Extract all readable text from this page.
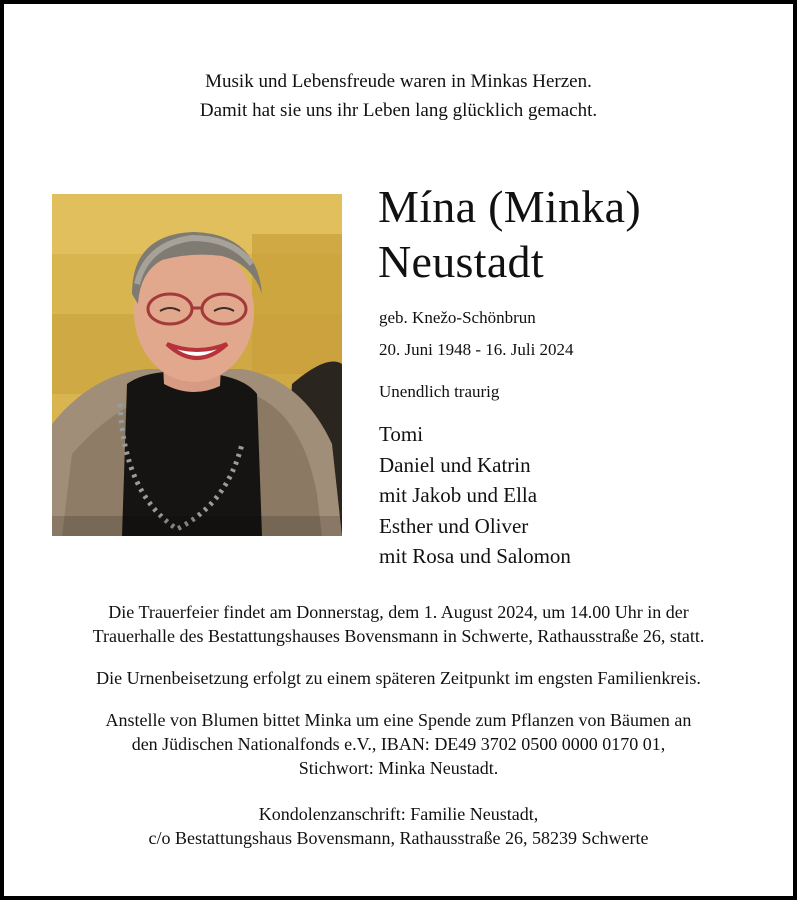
Musik und Lebensfreude waren in Minkas Herzen.
Damit hat sie uns ihr Leben lang glücklich gemacht.
Mína (Minka)
Neustadt
geb. Knežo-Schönbrun
20. Juni 1948 - 16. Juli 2024
Unendlich traurig
Tomi
Daniel und Katrin
mit Jakob und Ella
Esther und Oliver
mit Rosa und Salomon
Die Trauerfeier findet am Donnerstag, dem 1. August 2024, um 14.00 Uhr in der
Trauerhalle des Bestattungshauses Bovensmann in Schwerte, Rathausstraße 26, statt.
Die Urnenbeisetzung erfolgt zu einem späteren Zeitpunkt im engsten Familienkreis.
Anstelle von Blumen bittet Minka um eine Spende zum Pflanzen von Bäumen an
den Jüdischen Nationalfonds e.V., IBAN: DE49 3702 0500 0000 0170 01,
Stichwort: Minka Neustadt.
Kondolenzanschrift: Familie Neustadt,
c/o Bestattungshaus Bovensmann, Rathausstraße 26, 58239 Schwerte
